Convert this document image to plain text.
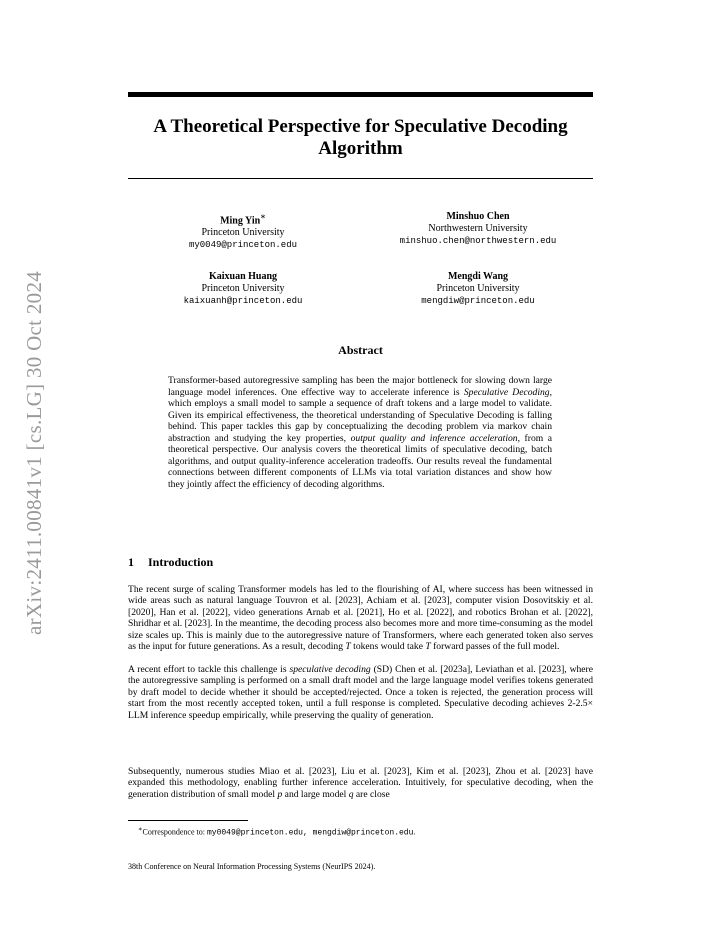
arXiv:2411.00841v1 [cs.LG] 30 Oct 2024
A Theoretical Perspective for Speculative Decoding Algorithm
Ming Yin∗
Princeton University
my0049@princeton.edu
Minshuo Chen
Northwestern University
minshuo.chen@northwestern.edu
Kaixuan Huang
Princeton University
kaixuanh@princeton.edu
Mengdi Wang
Princeton University
mengdiw@princeton.edu
Abstract
Transformer-based autoregressive sampling has been the major bottleneck for slowing down large language model inferences. One effective way to accelerate inference is Speculative Decoding, which employs a small model to sample a sequence of draft tokens and a large model to validate. Given its empirical effectiveness, the theoretical understanding of Speculative Decoding is falling behind. This paper tackles this gap by conceptualizing the decoding problem via markov chain abstraction and studying the key properties, output quality and inference acceleration, from a theoretical perspective. Our analysis covers the theoretical limits of speculative decoding, batch algorithms, and output quality-inference acceleration tradeoffs. Our results reveal the fundamental connections between different components of LLMs via total variation distances and show how they jointly affect the efficiency of decoding algorithms.
1 Introduction
The recent surge of scaling Transformer models has led to the flourishing of AI, where success has been witnessed in wide areas such as natural language Touvron et al. [2023], Achiam et al. [2023], computer vision Dosovitskiy et al. [2020], Han et al. [2022], video generations Arnab et al. [2021], Ho et al. [2022], and robotics Brohan et al. [2022], Shridhar et al. [2023]. In the meantime, the decoding process also becomes more and more time-consuming as the model size scales up. This is mainly due to the autoregressive nature of Transformers, where each generated token also serves as the input for future generations. As a result, decoding T tokens would take T forward passes of the full model.
A recent effort to tackle this challenge is speculative decoding (SD) Chen et al. [2023a], Leviathan et al. [2023], where the autoregressive sampling is performed on a small draft model and the large language model verifies tokens generated by draft model to decide whether it should be accepted/rejected. Once a token is rejected, the generation process will start from the most recently accepted token, until a full response is completed. Speculative decoding achieves 2-2.5× LLM inference speedup empirically, while preserving the quality of generation.
Subsequently, numerous studies Miao et al. [2023], Liu et al. [2023], Kim et al. [2023], Zhou et al. [2023] have expanded this methodology, enabling further inference acceleration. Intuitively, for speculative decoding, when the generation distribution of small model p and large model q are close
∗Correspondence to: my0049@princeton.edu, mengdiw@princeton.edu.
38th Conference on Neural Information Processing Systems (NeurIPS 2024).
